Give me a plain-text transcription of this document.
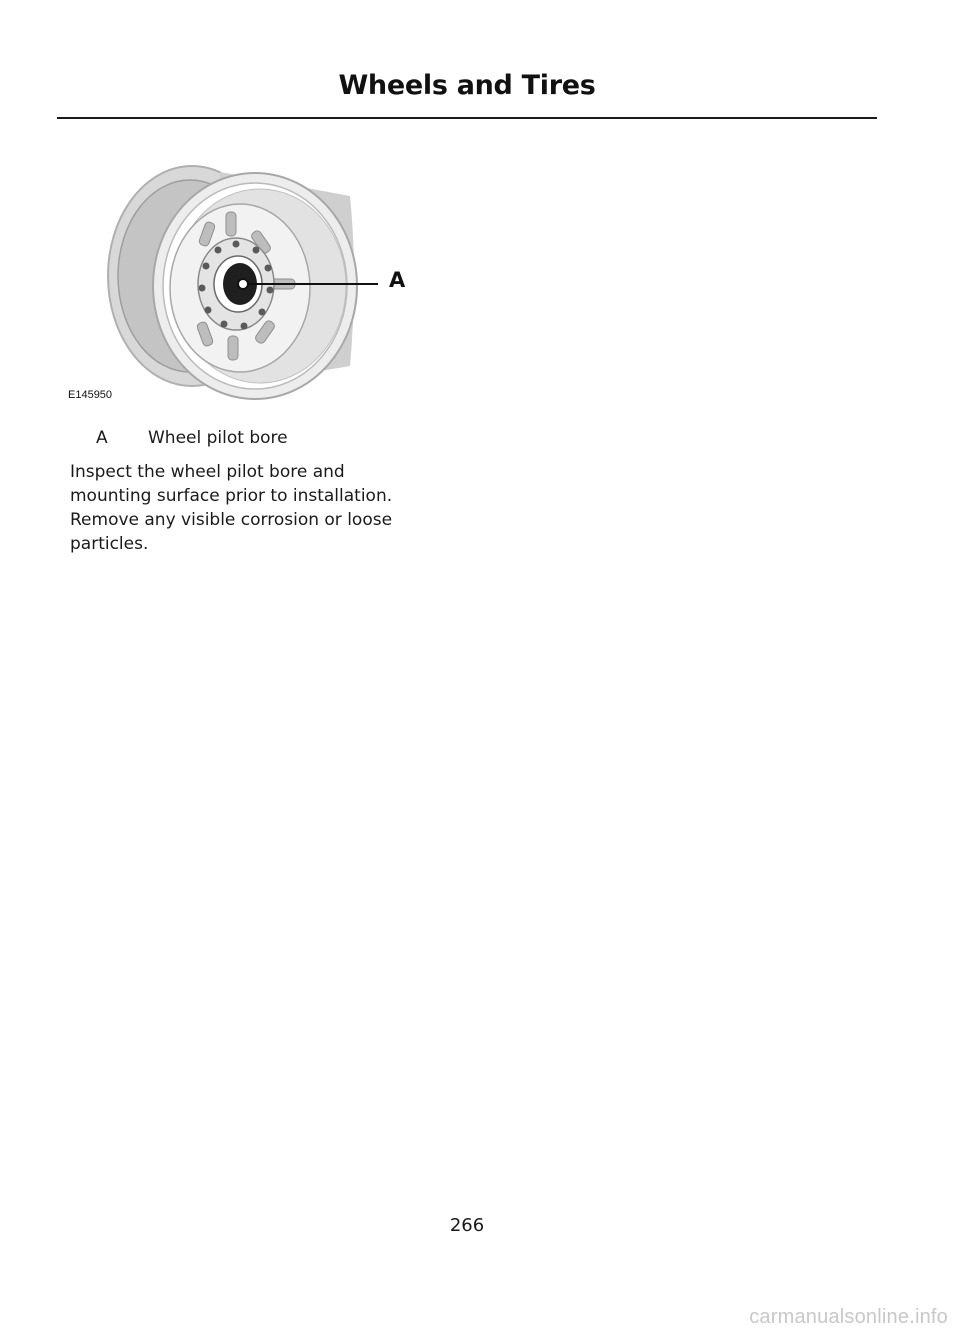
Wheels and Tires
A
E145950
A Wheel pilot bore
Inspect the wheel pilot bore and mounting surface prior to installation. Remove any visible corrosion or loose particles.
266
carmanualsonline.info
